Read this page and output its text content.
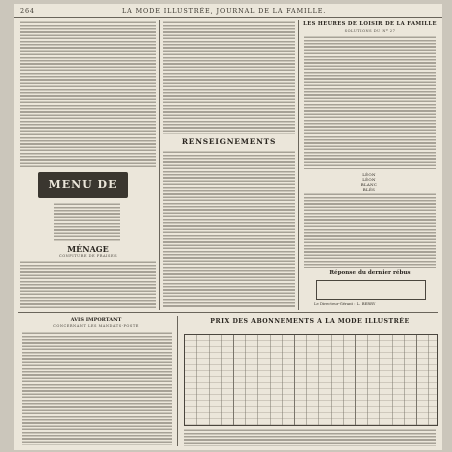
264	LA MODE ILLUSTRÉE, JOURNAL DE LA FAMILLE.
MENU DE
MÉNAGE
CONFITURE DE FRAISES
RENSEIGNEMENTS
LES HEURES DE LOISIR DE LA FAMILLE
SOLUTIONS DU Nº 27
LÉON
LÉON
BLANC
BLÉS
Réponse du dernier rébus
Le Directeur-Gérant : L. BERRY
AVIS IMPORTANT
CONCERNANT LES MANDATS-POSTE
PRIX DES ABONNEMENTS A LA MODE ILLUSTRÉE
